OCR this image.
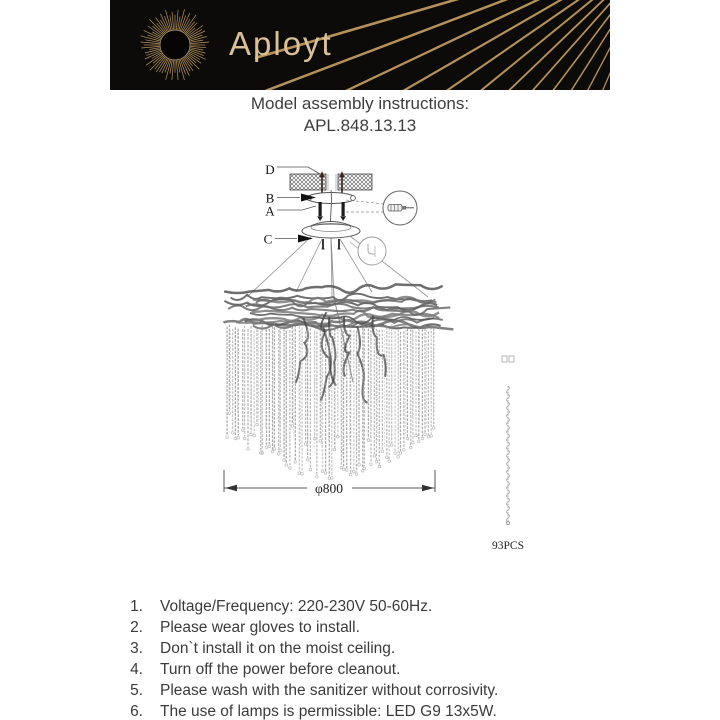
Aployt
Model assembly instructions:
APL.848.13.13
D
B
A
C
φ800
93PCS
1. Voltage/Frequency: 220-230V 50-60Hz.
2. Please wear gloves to install.
3. Don`t install it on the moist ceiling.
4. Turn off the power before cleanout.
5. Please wash with the sanitizer without corrosivity.
6. The use of lamps is permissible: LED G9 13x5W.
